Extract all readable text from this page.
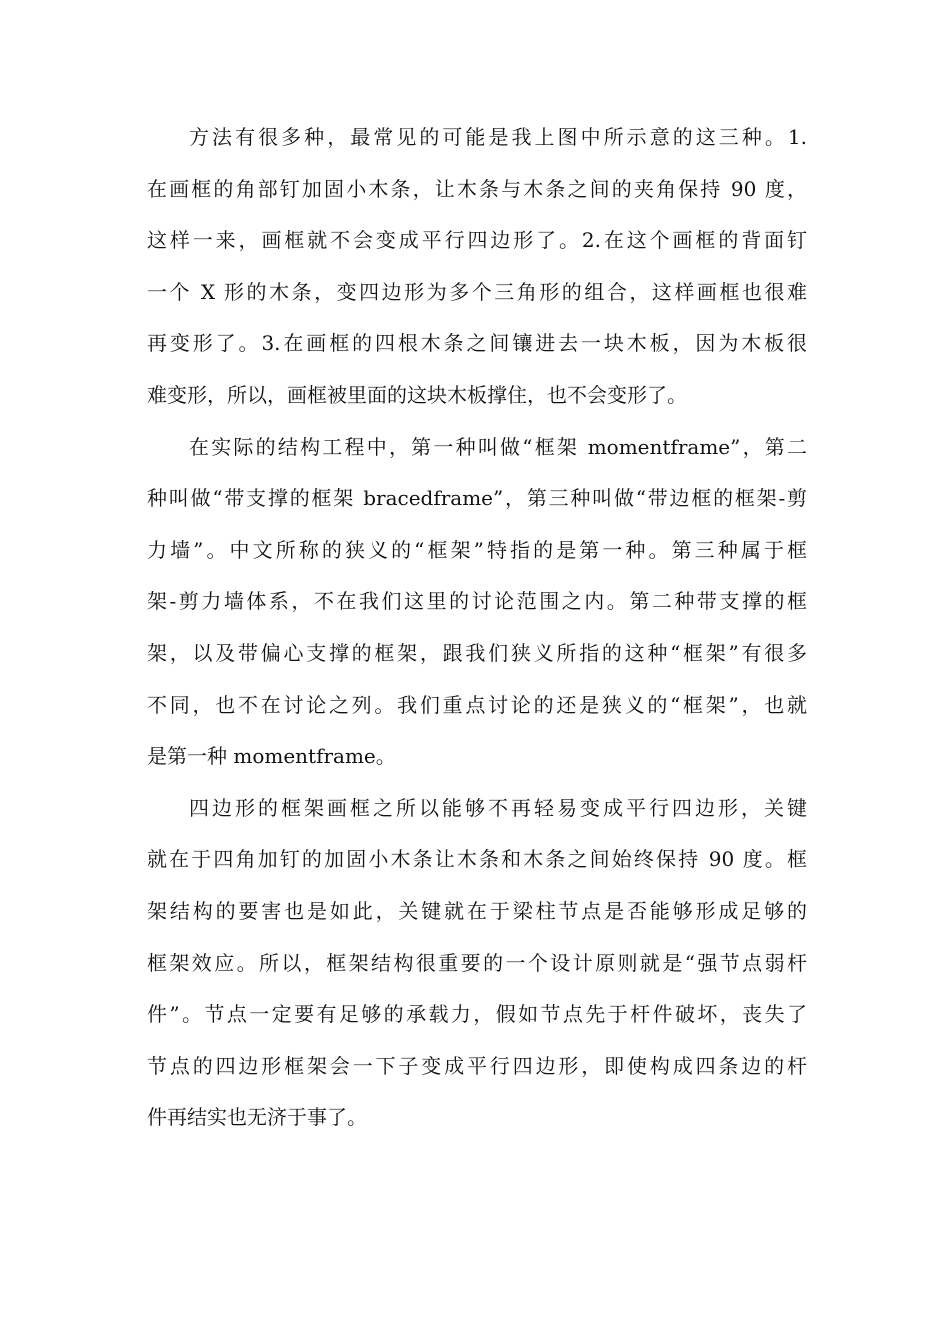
方法有很多种，最常见的可能是我上图中所示意的这三种。1.
在画框的角部钉加固小木条，让木条与木条之间的夹角保持 90 度，
这样一来，画框就不会变成平行四边形了。2.在这个画框的背面钉
一个 X 形的木条，变四边形为多个三角形的组合，这样画框也很难
再变形了。3.在画框的四根木条之间镶进去一块木板，因为木板很
难变形，所以，画框被里面的这块木板撑住，也不会变形了。
在实际的结构工程中，第一种叫做“框架 momentframe”，第二
种叫做“带支撑的框架 bracedframe”，第三种叫做“带边框的框架-剪
力墙”。中文所称的狭义的“框架”特指的是第一种。第三种属于框
架-剪力墙体系，不在我们这里的讨论范围之内。第二种带支撑的框
架，以及带偏心支撑的框架，跟我们狭义所指的这种“框架”有很多
不同，也不在讨论之列。我们重点讨论的还是狭义的“框架”，也就
是第一种 momentframe。
四边形的框架画框之所以能够不再轻易变成平行四边形，关键
就在于四角加钉的加固小木条让木条和木条之间始终保持 90 度。框
架结构的要害也是如此，关键就在于梁柱节点是否能够形成足够的
框架效应。所以，框架结构很重要的一个设计原则就是“强节点弱杆
件”。节点一定要有足够的承载力，假如节点先于杆件破坏，丧失了
节点的四边形框架会一下子变成平行四边形，即使构成四条边的杆
件再结实也无济于事了。
